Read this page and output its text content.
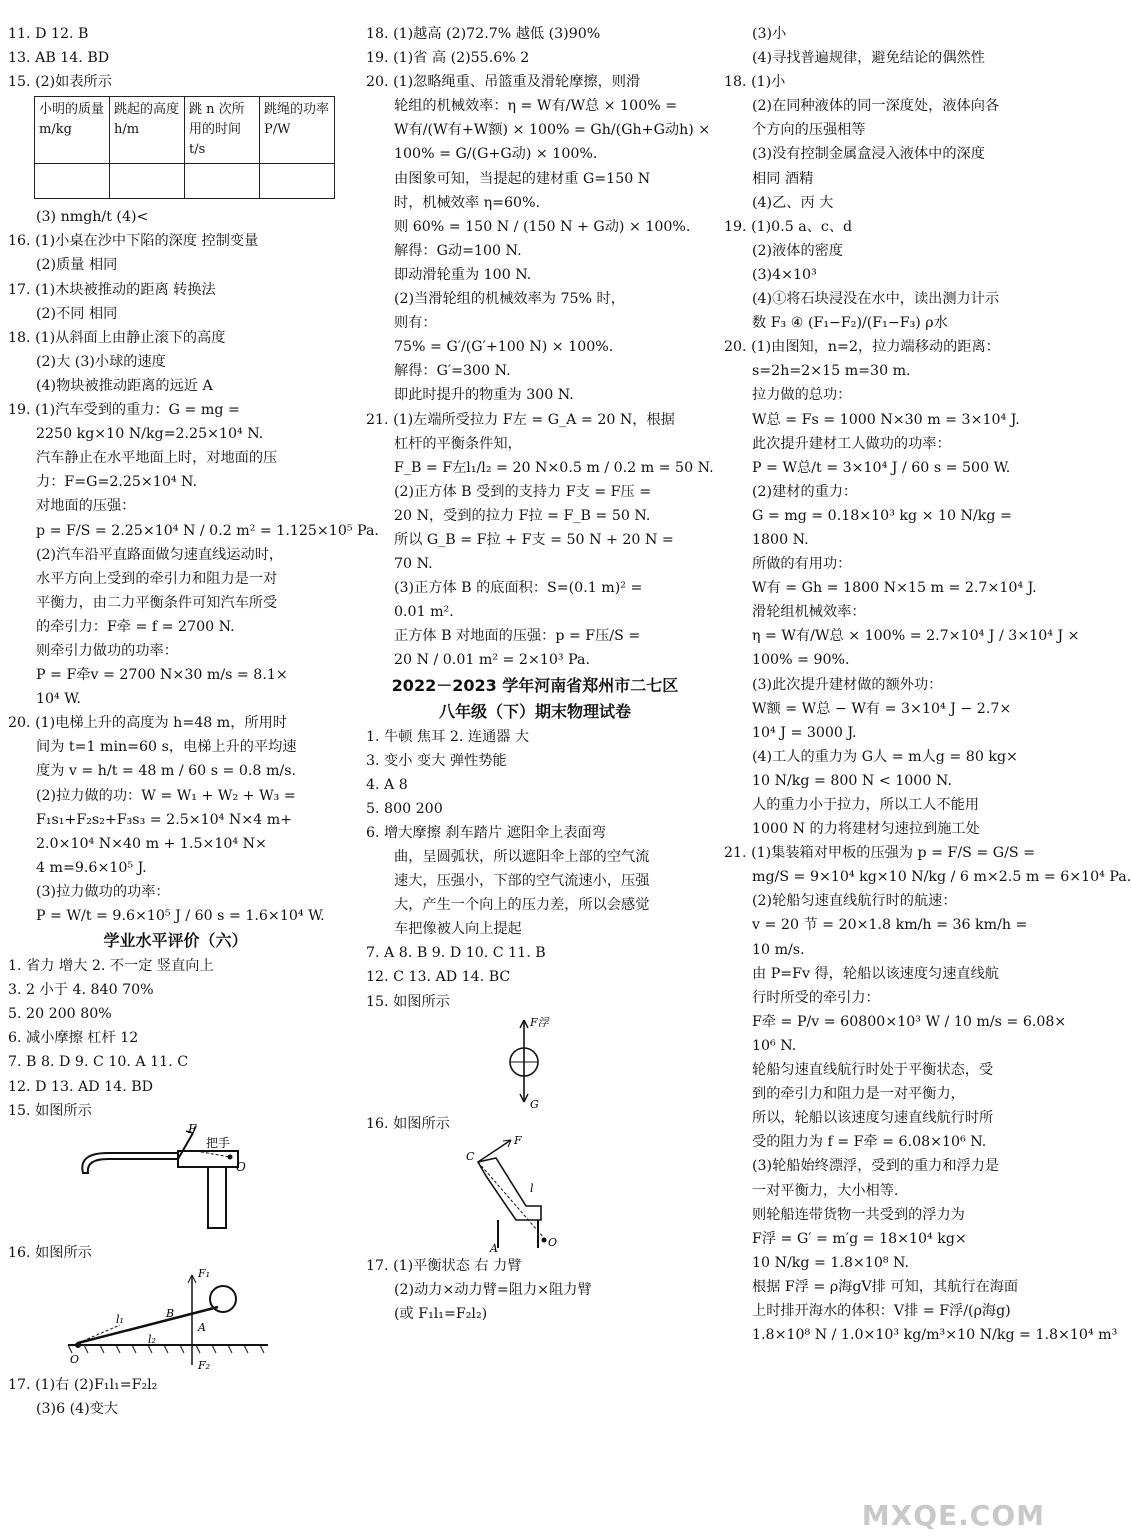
11. D 12. B
13. AB 14. BD
15. (2)如表所示
小明的质量 m/kg	跳起的高度 h/m	跳 n 次所用的时间 t/s	跳绳的功率 P/W

(3) nmgh/t (4)<
16. (1)小桌在沙中下陷的深度 控制变量
(2)质量 相同
17. (1)木块被推动的距离 转换法
(2)不同 相同
18. (1)从斜面上由静止滚下的高度
(2)大 (3)小球的速度
(4)物块被推动距离的远近 A
19. (1)汽车受到的重力：G = mg =
2250 kg×10 N/kg=2.25×10⁴ N.
汽车静止在水平地面上时，对地面的压
力：F=G=2.25×10⁴ N.
对地面的压强：
p = F/S = 2.25×10⁴ N / 0.2 m² = 1.125×10⁵ Pa.
(2)汽车沿平直路面做匀速直线运动时，
水平方向上受到的牵引力和阻力是一对
平衡力，由二力平衡条件可知汽车所受
的牵引力：F牵 = f = 2700 N.
则牵引力做功的功率：
P = F牵v = 2700 N×30 m/s = 8.1×
10⁴ W.
20. (1)电梯上升的高度为 h=48 m，所用时
间为 t=1 min=60 s，电梯上升的平均速
度为 v = h/t = 48 m / 60 s = 0.8 m/s.
(2)拉力做的功：W = W₁ + W₂ + W₃ =
F₁s₁+F₂s₂+F₃s₃ = 2.5×10⁴ N×4 m+
2.0×10⁴ N×40 m + 1.5×10⁴ N×
4 m=9.6×10⁵ J.
(3)拉力做功的功率：
P = W/t = 9.6×10⁵ J / 60 s = 1.6×10⁴ W.
学业水平评价（六）
1. 省力 增大 2. 不一定 竖直向上
3. 2 小于 4. 840 70%
5. 20 200 80%
6. 减小摩擦 杠杆 12
7. B 8. D 9. C 10. A 11. C
12. D 13. AD 14. BD
15. 如图所示
F
把手
O
16. 如图所示
F₁
F₂
l₁
l₂
B
A
O
17. (1)右 (2)F₁l₁=F₂l₂
(3)6 (4)变大
18. (1)越高 (2)72.7% 越低 (3)90%
19. (1)省 高 (2)55.6% 2
20. (1)忽略绳重、吊篮重及滑轮摩擦，则滑
轮组的机械效率：η = W有/W总 × 100% =
W有/(W有+W额) × 100% = Gh/(Gh+G动h) ×
100% = G/(G+G动) × 100%.
由图象可知，当提起的建材重 G=150 N
时，机械效率 η=60%.
则 60% = 150 N / (150 N + G动) × 100%.
解得：G动=100 N.
即动滑轮重为 100 N.
(2)当滑轮组的机械效率为 75% 时，
则有：
75% = G′/(G′+100 N) × 100%.
解得：G′=300 N.
即此时提升的物重为 300 N.
21. (1)左端所受拉力 F左 = G_A = 20 N，根据
杠杆的平衡条件知，
F_B = F左l₁/l₂ = 20 N×0.5 m / 0.2 m = 50 N.
(2)正方体 B 受到的支持力 F支 = F压 =
20 N，受到的拉力 F拉 = F_B = 50 N.
所以 G_B = F拉 + F支 = 50 N + 20 N =
70 N.
(3)正方体 B 的底面积：S=(0.1 m)² =
0.01 m².
正方体 B 对地面的压强：p = F压/S =
20 N / 0.01 m² = 2×10³ Pa.
2022－2023 学年河南省郑州市二七区
八年级（下）期末物理试卷
1. 牛顿 焦耳 2. 连通器 大
3. 变小 变大 弹性势能
4. A 8
5. 800 200
6. 增大摩擦 刹车踏片 遮阳伞上表面弯
曲，呈圆弧状，所以遮阳伞上部的空气流
速大，压强小，下部的空气流速小，压强
大，产生一个向上的压力差，所以会感觉
车把像被人向上提起
7. A 8. B 9. D 10. C 11. B
12. C 13. AD 14. BC
15. 如图所示
F浮
G
16. 如图所示
C
F
l
A	O
17. (1)平衡状态 右 力臂
(2)动力×动力臂=阻力×阻力臂
(或 F₁l₁=F₂l₂)
(3)小
(4)寻找普遍规律，避免结论的偶然性
18. (1)小
(2)在同种液体的同一深度处，液体向各
个方向的压强相等
(3)没有控制金属盒浸入液体中的深度
相同 酒精
(4)乙、丙 大
19. (1)0.5 a、c、d
(2)液体的密度
(3)4×10³
(4)①将石块浸没在水中，读出测力计示
数 F₃ ④ (F₁−F₂)/(F₁−F₃) ρ水
20. (1)由图知，n=2，拉力端移动的距离：
s=2h=2×15 m=30 m.
拉力做的总功：
W总 = Fs = 1000 N×30 m = 3×10⁴ J.
此次提升建材工人做功的功率：
P = W总/t = 3×10⁴ J / 60 s = 500 W.
(2)建材的重力：
G = mg = 0.18×10³ kg × 10 N/kg =
1800 N.
所做的有用功：
W有 = Gh = 1800 N×15 m = 2.7×10⁴ J.
滑轮组机械效率：
η = W有/W总 × 100% = 2.7×10⁴ J / 3×10⁴ J ×
100% = 90%.
(3)此次提升建材做的额外功：
W额 = W总 − W有 = 3×10⁴ J − 2.7×
10⁴ J = 3000 J.
(4)工人的重力为 G人 = m人g = 80 kg×
10 N/kg = 800 N < 1000 N.
人的重力小于拉力，所以工人不能用
1000 N 的力将建材匀速拉到施工处
21. (1)集装箱对甲板的压强为 p = F/S = G/S =
mg/S = 9×10⁴ kg×10 N/kg / 6 m×2.5 m = 6×10⁴ Pa.
(2)轮船匀速直线航行时的航速：
v = 20 节 = 20×1.8 km/h = 36 km/h =
10 m/s.
由 P=Fv 得，轮船以该速度匀速直线航
行时所受的牵引力：
F牵 = P/v = 60800×10³ W / 10 m/s = 6.08×
10⁶ N.
轮船匀速直线航行时处于平衡状态，受
到的牵引力和阻力是一对平衡力，
所以，轮船以该速度匀速直线航行时所
受的阻力为 f = F牵 = 6.08×10⁶ N.
(3)轮船始终漂浮，受到的重力和浮力是
一对平衡力，大小相等.
则轮船连带货物一共受到的浮力为
F浮 = G′ = m′g = 18×10⁴ kg×
10 N/kg = 1.8×10⁸ N.
根据 F浮 = ρ海gV排 可知，其航行在海面
上时排开海水的体积：V排 = F浮/(ρ海g)
1.8×10⁸ N / 1.0×10³ kg/m³×10 N/kg = 1.8×10⁴ m³
MXQE.COM
